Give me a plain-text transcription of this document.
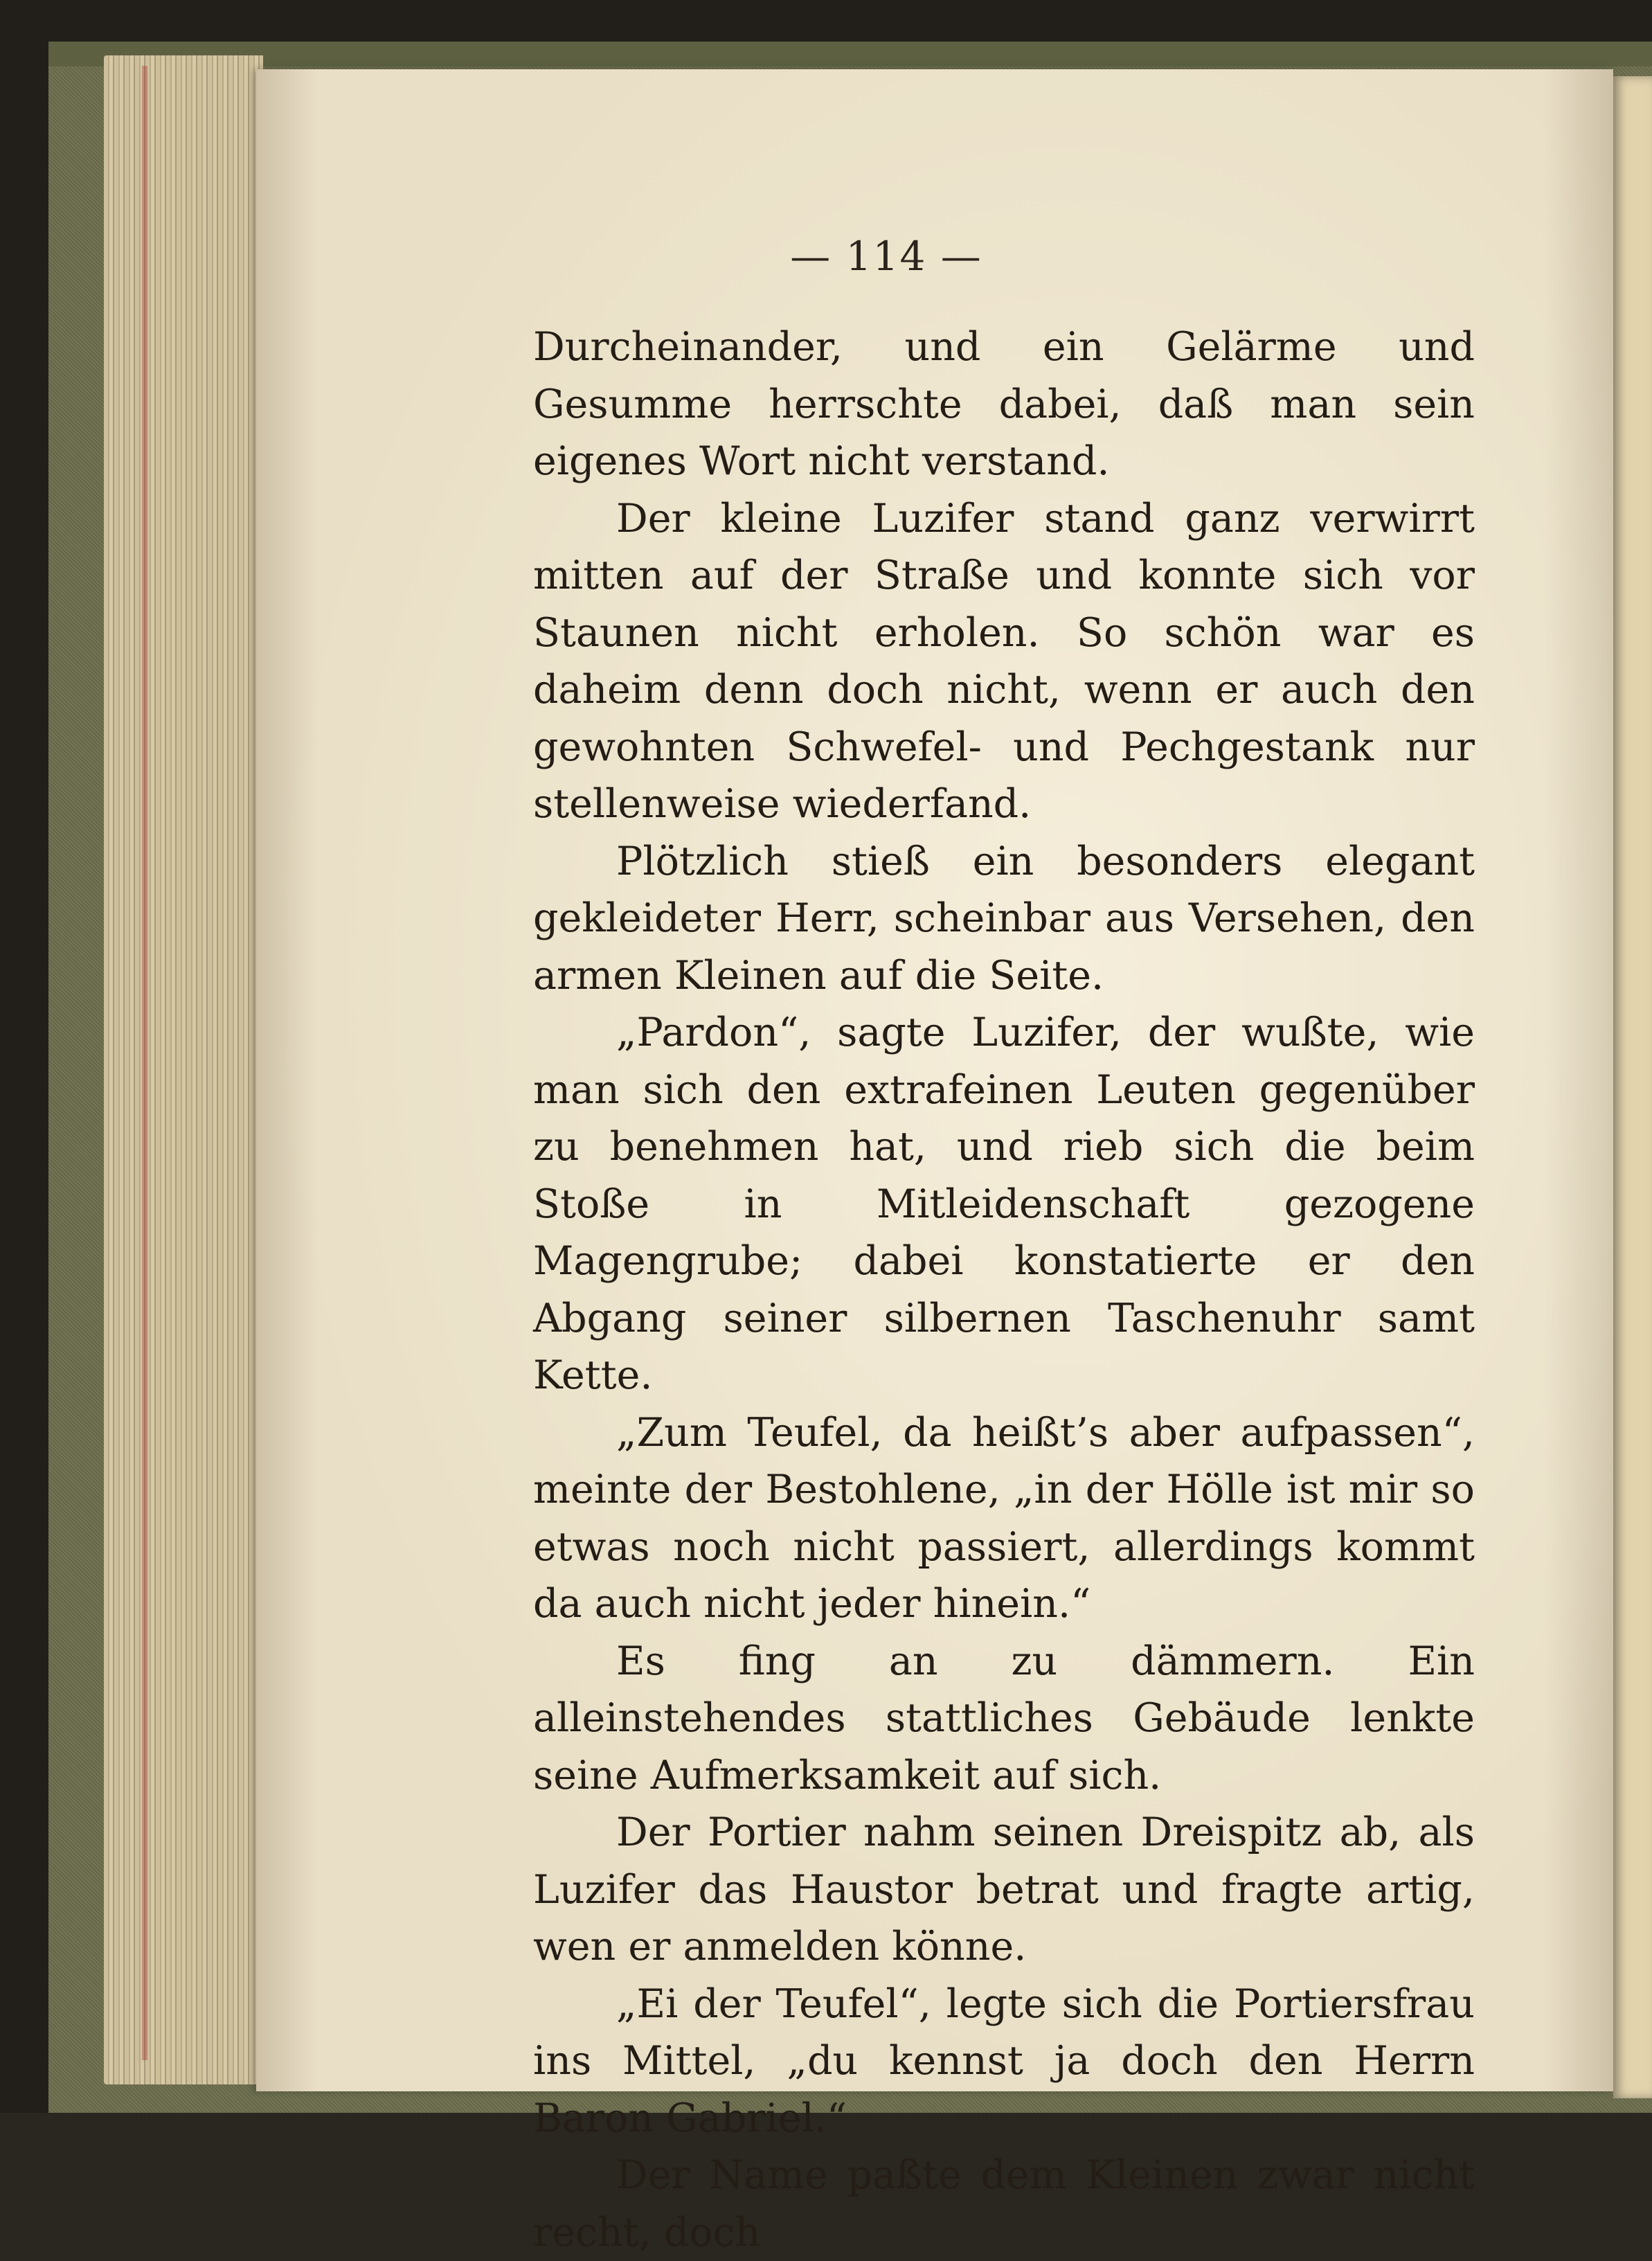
— 114 —

Durcheinander, und ein Gelärme und Gesumme herrschte dabei, daß man sein eigenes Wort nicht verstand.

Der kleine Luzifer stand ganz verwirrt mitten auf der Straße und konnte sich vor Staunen nicht erholen. So schön war es daheim denn doch nicht, wenn er auch den gewohnten Schwefel- und Pechgestank nur stellenweise wiederfand.

Plötzlich stieß ein besonders elegant gekleideter Herr, scheinbar aus Versehen, den armen Kleinen auf die Seite.

„Pardon“, sagte Luzifer, der wußte, wie man sich den extrafeinen Leuten gegenüber zu benehmen hat, und rieb sich die beim Stoße in Mitleidenschaft gezogene Magengrube; dabei konstatierte er den Abgang seiner silbernen Taschenuhr samt Kette.

„Zum Teufel, da heißt’s aber aufpassen“, meinte der Bestohlene, „in der Hölle ist mir so etwas noch nicht passiert, allerdings kommt da auch nicht jeder hinein.“

Es fing an zu dämmern. Ein alleinstehendes stattliches Gebäude lenkte seine Aufmerksamkeit auf sich.

Der Portier nahm seinen Dreispitz ab, als Luzifer das Haustor betrat und fragte artig, wen er anmelden könne.

„Ei der Teufel“, legte sich die Portiersfrau ins Mittel, „du kennst ja doch den Herrn Baron Gabriel.“

Der Name paßte dem Kleinen zwar nicht recht, doch
